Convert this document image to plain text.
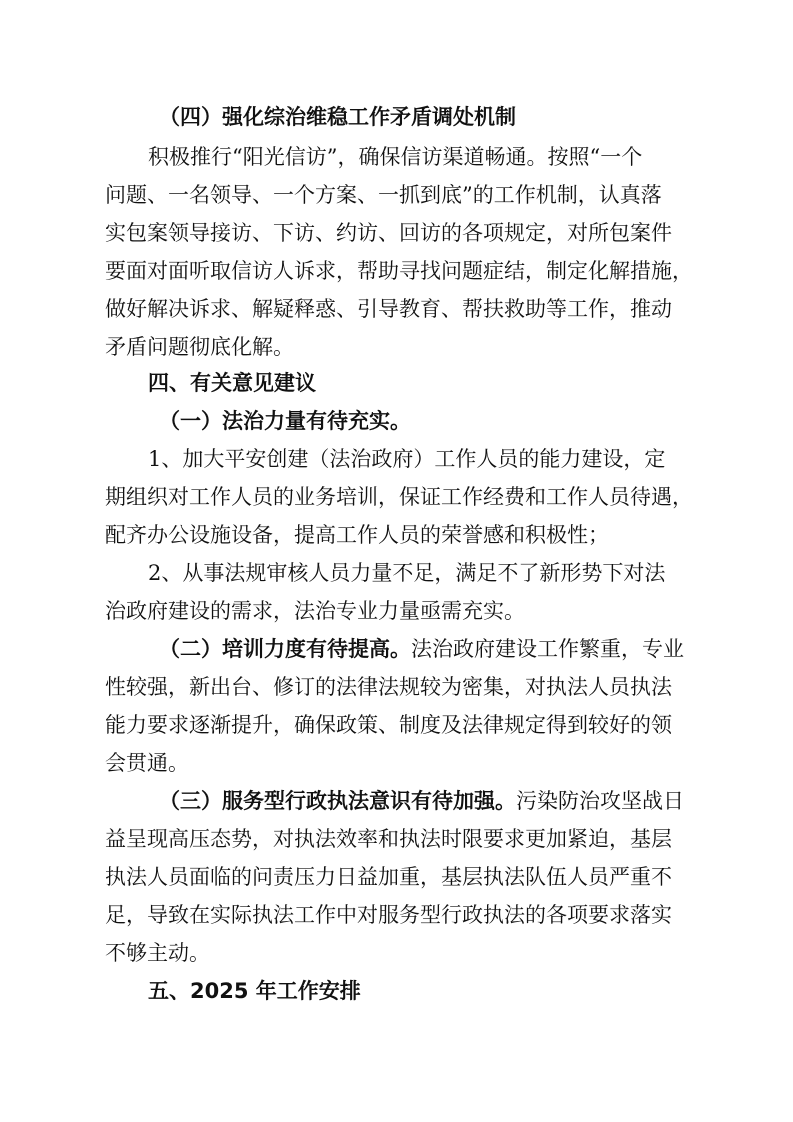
（四）强化综治维稳工作矛盾调处机制
积极推行“阳光信访”，确保信访渠道畅通。按照“一个
问题、一名领导、一个方案、一抓到底”的工作机制，认真落
实包案领导接访、下访、约访、回访的各项规定，对所包案件
要面对面听取信访人诉求，帮助寻找问题症结，制定化解措施，
做好解决诉求、解疑释惑、引导教育、帮扶救助等工作，推动
矛盾问题彻底化解。
四、有关意见建议
（一）法治力量有待充实。
1、加大平安创建（法治政府）工作人员的能力建设，定
期组织对工作人员的业务培训，保证工作经费和工作人员待遇，
配齐办公设施设备，提高工作人员的荣誉感和积极性；
2、从事法规审核人员力量不足，满足不了新形势下对法
治政府建设的需求，法治专业力量亟需充实。
（二）培训力度有待提高。法治政府建设工作繁重，专业
性较强，新出台、修订的法律法规较为密集，对执法人员执法
能力要求逐渐提升，确保政策、制度及法律规定得到较好的领
会贯通。
（三）服务型行政执法意识有待加强。污染防治攻坚战日
益呈现高压态势，对执法效率和执法时限要求更加紧迫，基层
执法人员面临的问责压力日益加重，基层执法队伍人员严重不
足，导致在实际执法工作中对服务型行政执法的各项要求落实
不够主动。
五、2025 年工作安排
